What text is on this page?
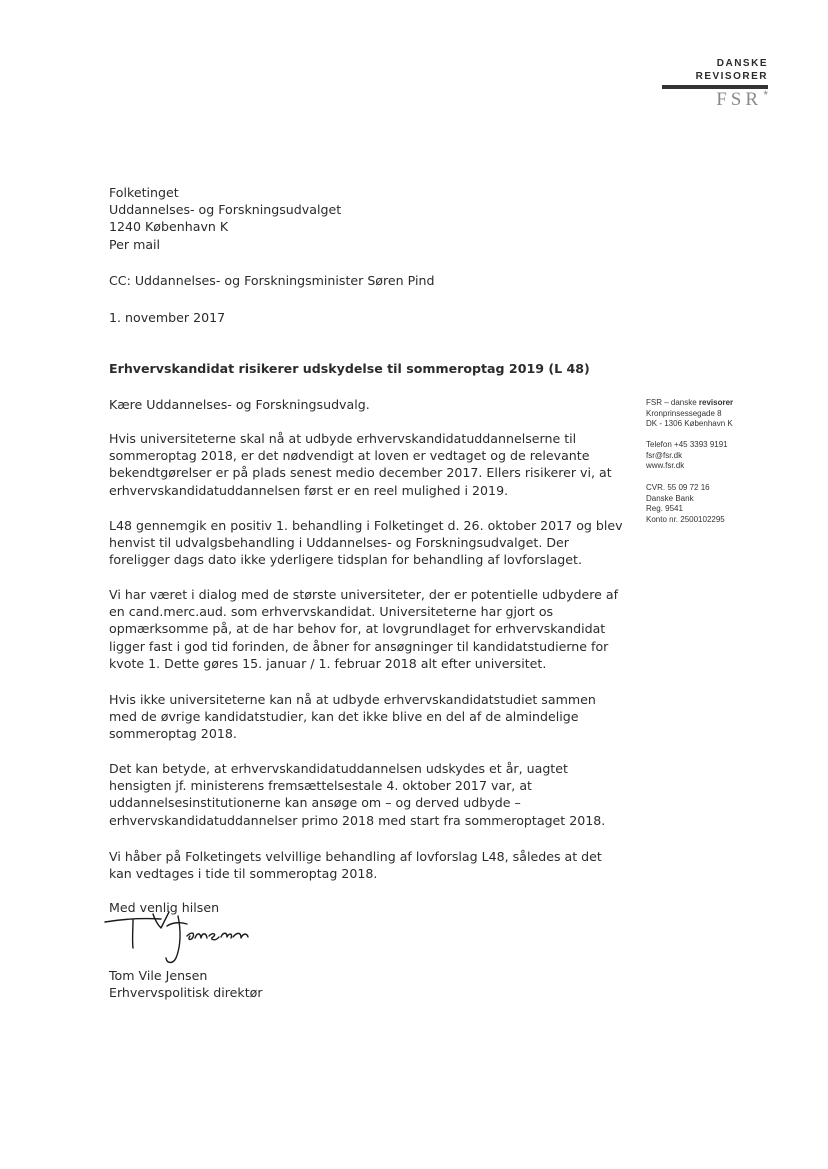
DANSKE
REVISORER
FSR *
Folketinget
Uddannelses- og Forskningsudvalget
1240 København K
Per mail
CC: Uddannelses- og Forskningsminister Søren Pind
1. november 2017
Erhvervskandidat risikerer udskydelse til sommeroptag 2019 (L 48)
Kære Uddannelses- og Forskningsudvalg.
Hvis universiteterne skal nå at udbyde erhvervskandidatuddannelserne til
sommeroptag 2018, er det nødvendigt at loven er vedtaget og de relevante
bekendtgørelser er på plads senest medio december 2017. Ellers risikerer vi, at
erhvervskandidatuddannelsen først er en reel mulighed i 2019.
L48 gennemgik en positiv 1. behandling i Folketinget d. 26. oktober 2017 og blev
henvist til udvalgsbehandling i Uddannelses- og Forskningsudvalget. Der
foreligger dags dato ikke yderligere tidsplan for behandling af lovforslaget.
Vi har været i dialog med de største universiteter, der er potentielle udbydere af
en cand.merc.aud. som erhvervskandidat. Universiteterne har gjort os
opmærksomme på, at de har behov for, at lovgrundlaget for erhvervskandidat
ligger fast i god tid forinden, de åbner for ansøgninger til kandidatstudierne for
kvote 1. Dette gøres 15. januar / 1. februar 2018 alt efter universitet.
Hvis ikke universiteterne kan nå at udbyde erhvervskandidatstudiet sammen
med de øvrige kandidatstudier, kan det ikke blive en del af de almindelige
sommeroptag 2018.
Det kan betyde, at erhvervskandidatuddannelsen udskydes et år, uagtet
hensigten jf. ministerens fremsættelsestale 4. oktober 2017 var, at
uddannelsesinstitutionerne kan ansøge om – og derved udbyde –
erhvervskandidatuddannelser primo 2018 med start fra sommeroptaget 2018.
Vi håber på Folketingets velvillige behandling af lovforslag L48, således at det
kan vedtages i tide til sommeroptag 2018.
Med venlig hilsen
Tom Vile Jensen
Erhvervspolitisk direktør
FSR – danske revisorer
Kronprinsessegade 8
DK - 1306 København K
Telefon +45 3393 9191
fsr@fsr.dk
www.fsr.dk
CVR. 55 09 72 16
Danske Bank
Reg. 9541
Konto nr. 2500102295
